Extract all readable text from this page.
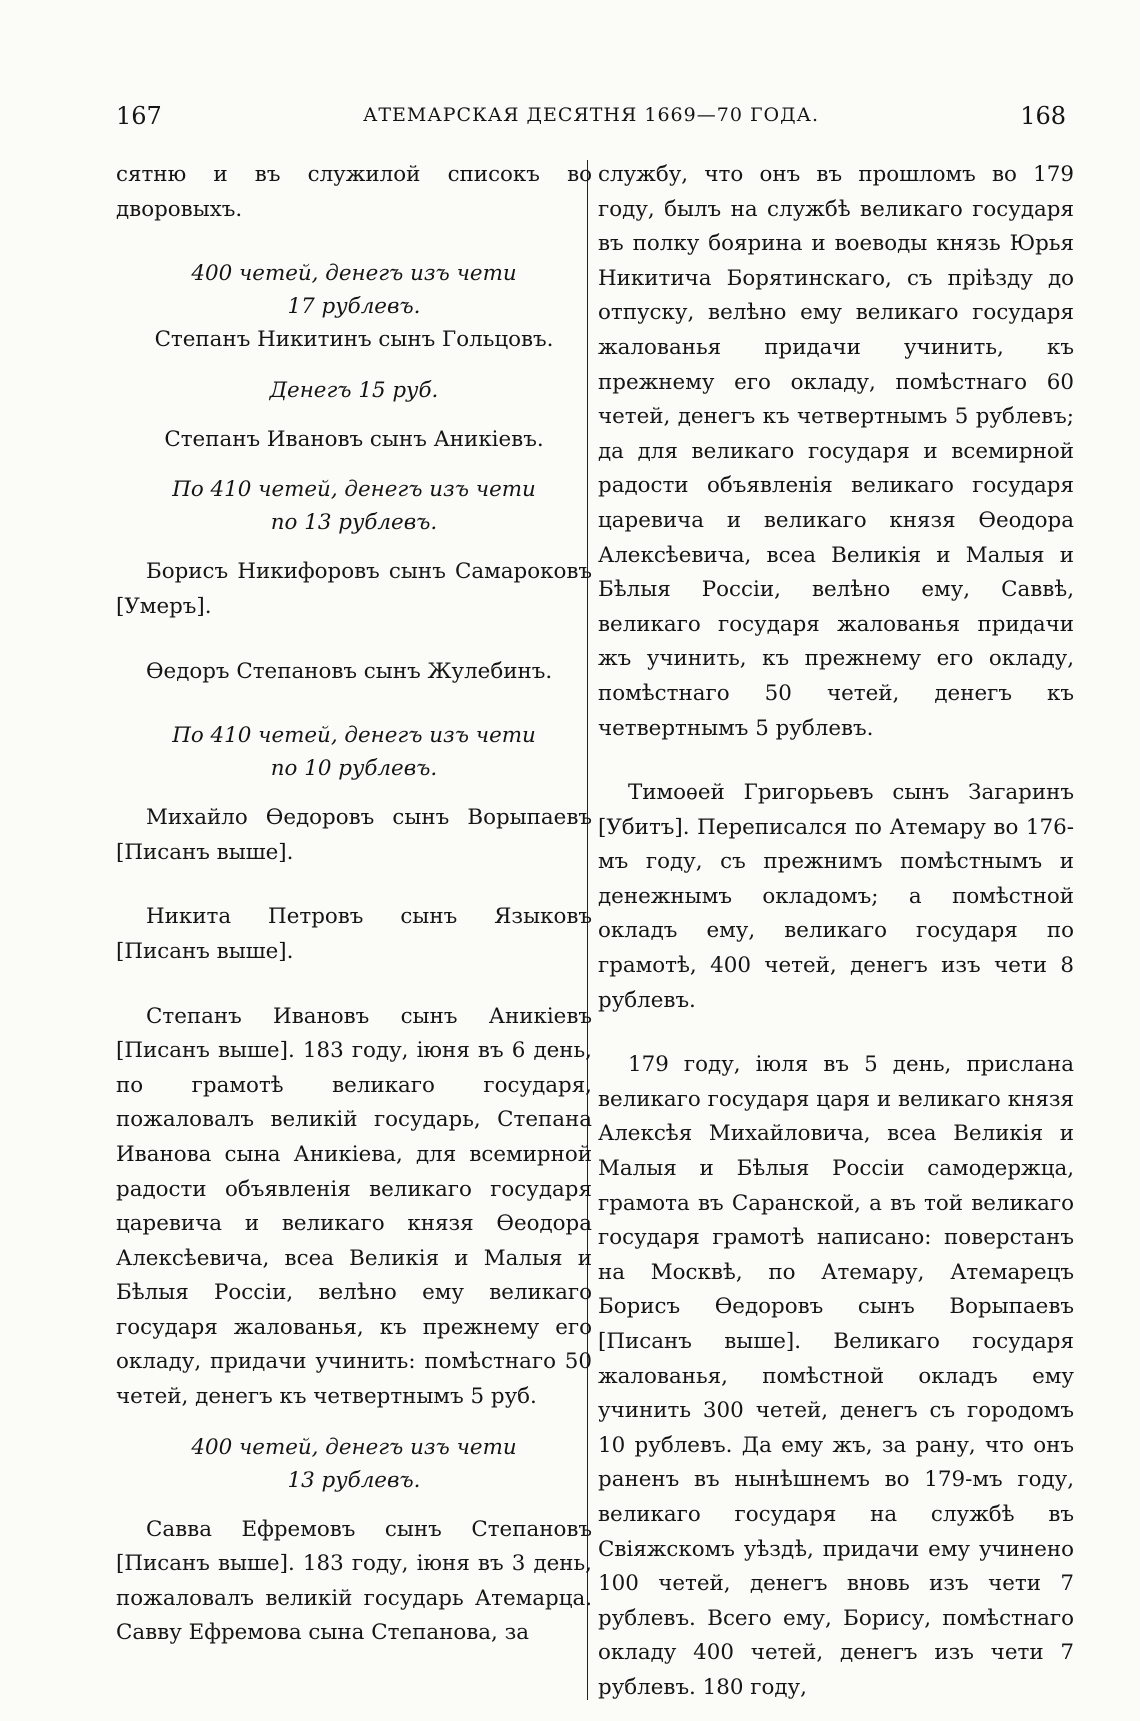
167	АТЕМАРСКАЯ ДЕСЯТНЯ 1669—70 ГОДА.	168

сятню и въ служилой списокъ во дворовыхъ.

400 четей, денегъ изъ чети

17 рублевъ.

Степанъ Никитинъ сынъ Гольцовъ.

Денегъ 15 руб.

Степанъ Ивановъ сынъ Аникіевъ.

По 410 четей, денегъ изъ чети

по 13 рублевъ.

Борисъ Никифоровъ сынъ Самароковъ [Умеръ].

Ѳедоръ Степановъ сынъ Жулебинъ.

По 410 четей, денегъ изъ чети

по 10 рублевъ.

Михайло Ѳедоровъ сынъ Ворыпаевъ [Писанъ выше].

Никита Петровъ сынъ Языковъ [Писанъ выше].

Степанъ Ивановъ сынъ Аникіевъ [Писанъ выше]. 183 году, іюня въ 6 день, по грамотѣ великаго государя, пожаловалъ великій государь, Степана Иванова сына Аникіева, для всемирной радости объявленія великаго государя царевича и великаго князя Ѳеодора Алексѣевича, всеа Великія и Малыя и Бѣлыя Россіи, велѣно ему великаго государя жалованья, къ прежнему его окладу, придачи учинить: помѣстнаго 50 четей, денегъ къ четвертнымъ 5 руб.

400 четей, денегъ изъ чети

13 рублевъ.

Савва Ефремовъ сынъ Степановъ [Писанъ выше]. 183 году, іюня въ 3 день, пожаловалъ великій государь Атемарца. Савву Ефремова сына Степанова, за

службу, что онъ въ прошломъ во 179 году, былъ на службѣ великаго государя въ полку боярина и воеводы князь Юрья Никитича Борятинскаго, съ пріѣзду до отпуску, велѣно ему великаго государя жалованья придачи учинить, къ прежнему его окладу, помѣстнаго 60 четей, денегъ къ четвертнымъ 5 рублевъ; да для великаго государя и всемирной радости объявленія великаго государя царевича и великаго князя Ѳеодора Алексѣевича, всеа Великія и Малыя и Бѣлыя Россіи, велѣно ему, Саввѣ, великаго государя жалованья придачи жъ учинить, къ прежнему его окладу, помѣстнаго 50 четей, денегъ къ четвертнымъ 5 рублевъ.

Тимоѳей Григорьевъ сынъ Загаринъ [Убитъ]. Переписался по Атемару во 176-мъ году, съ прежнимъ помѣстнымъ и денежнымъ окладомъ; а помѣстной окладъ ему, великаго государя по грамотѣ, 400 четей, денегъ изъ чети 8 рублевъ.

179 году, іюля въ 5 день, прислана великаго государя царя и великаго князя Алексѣя Михайловича, всеа Великія и Малыя и Бѣлыя Россіи самодержца, грамота въ Саранской, а въ той великаго государя грамотѣ написано: поверстанъ на Москвѣ, по Атемару, Атемарецъ Борисъ Ѳедоровъ сынъ Ворыпаевъ [Писанъ выше]. Великаго государя жалованья, помѣстной окладъ ему учинить 300 четей, денегъ съ городомъ 10 рублевъ. Да ему жъ, за рану, что онъ раненъ въ нынѣшнемъ во 179-мъ году, великаго государя на службѣ въ Свіяжскомъ уѣздѣ, придачи ему учинено 100 четей, денегъ вновь изъ чети 7 рублевъ. Всего ему, Борису, помѣстнаго окладу 400 четей, денегъ изъ чети 7 рублевъ. 180 году,
